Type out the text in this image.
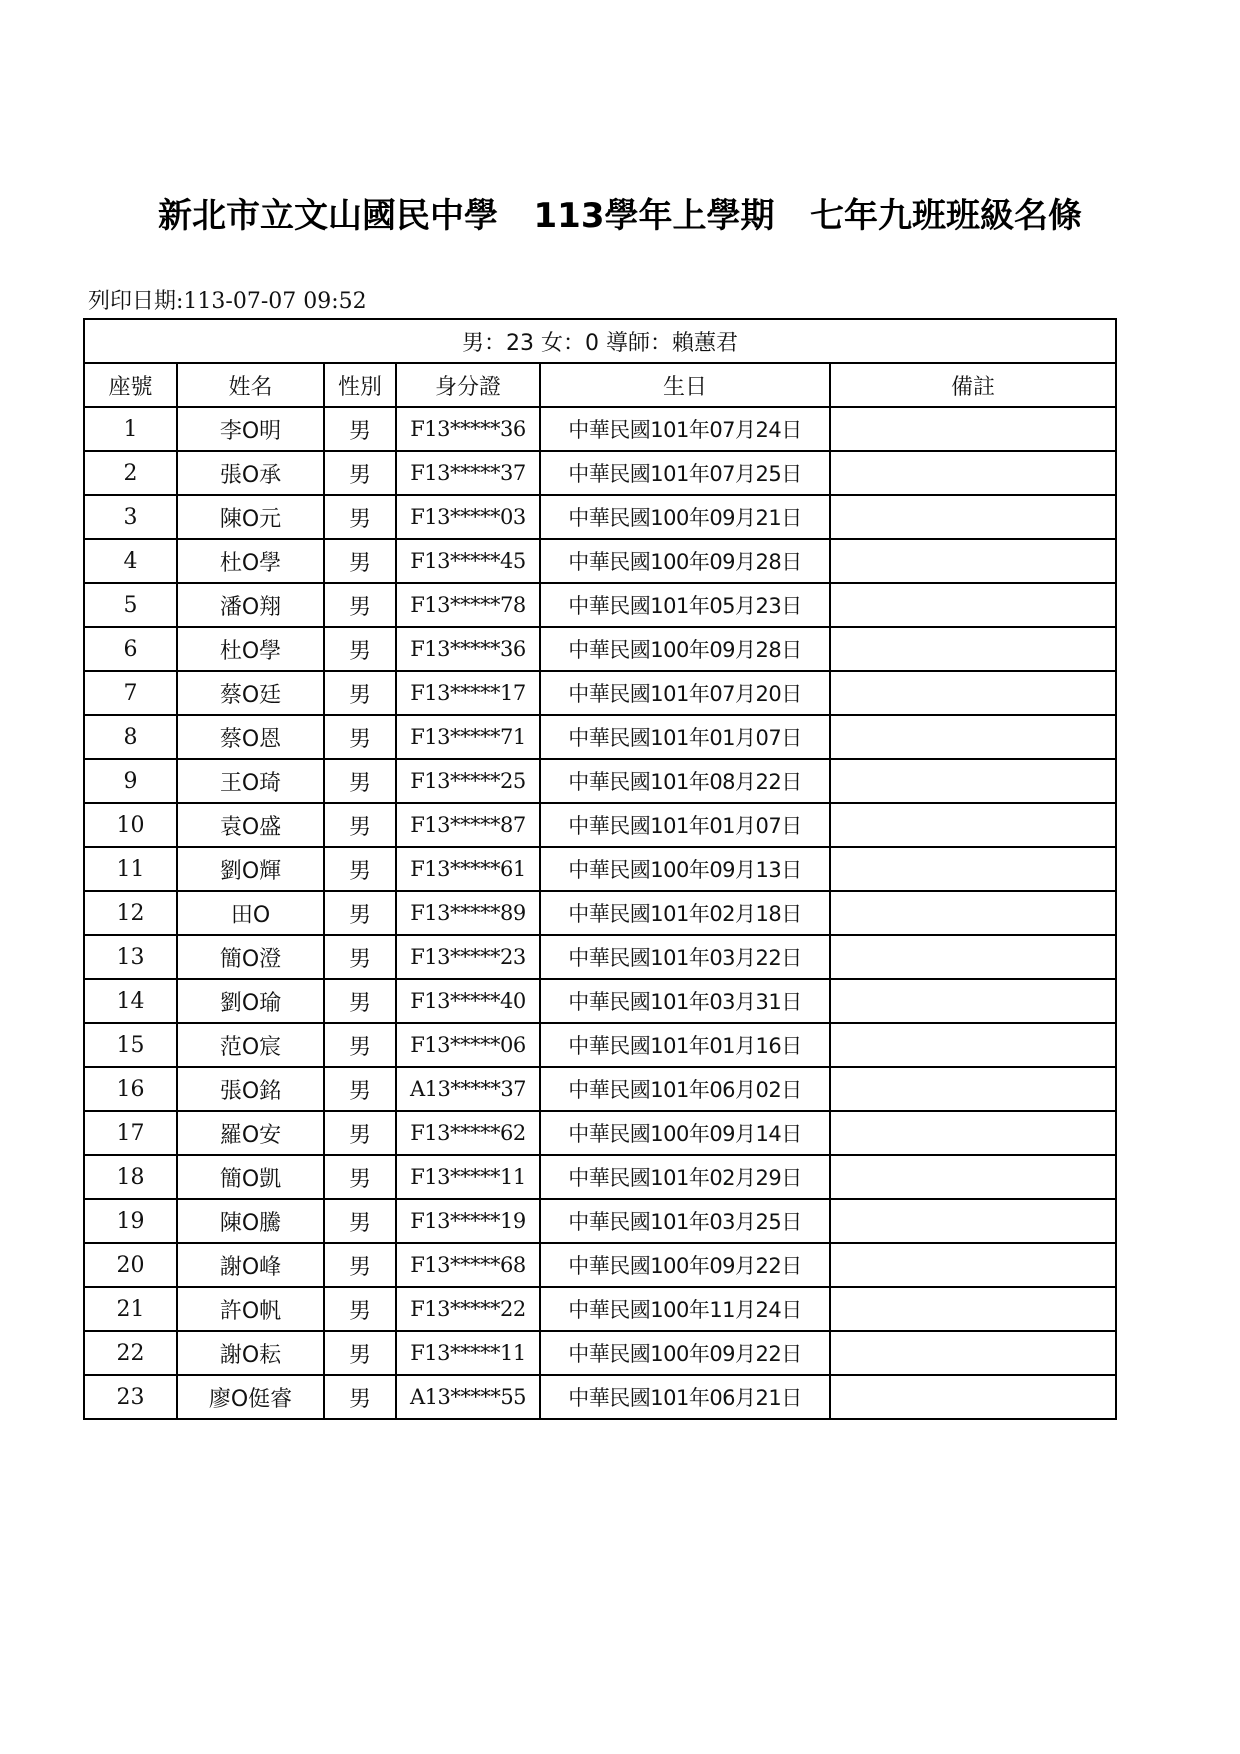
新北市立文山國民中學 113學年上學期 七年九班班級名條
列印日期:113-07-07 09:52
男：23 女：0 導師：賴蕙君					
座號	姓名	性別	身分證	生日	備註
1	李O明	男	F13*****36	中華民國101年07月24日	
2	張O承	男	F13*****37	中華民國101年07月25日	
3	陳O元	男	F13*****03	中華民國100年09月21日	
4	杜O學	男	F13*****45	中華民國100年09月28日	
5	潘O翔	男	F13*****78	中華民國101年05月23日	
6	杜O學	男	F13*****36	中華民國100年09月28日	
7	蔡O廷	男	F13*****17	中華民國101年07月20日	
8	蔡O恩	男	F13*****71	中華民國101年01月07日	
9	王O琦	男	F13*****25	中華民國101年08月22日	
10	袁O盛	男	F13*****87	中華民國101年01月07日	
11	劉O輝	男	F13*****61	中華民國100年09月13日	
12	田O	男	F13*****89	中華民國101年02月18日	
13	簡O澄	男	F13*****23	中華民國101年03月22日	
14	劉O瑜	男	F13*****40	中華民國101年03月31日	
15	范O宸	男	F13*****06	中華民國101年01月16日	
16	張O銘	男	A13*****37	中華民國101年06月02日	
17	羅O安	男	F13*****62	中華民國100年09月14日	
18	簡O凱	男	F13*****11	中華民國101年02月29日	
19	陳O騰	男	F13*****19	中華民國101年03月25日	
20	謝O峰	男	F13*****68	中華民國100年09月22日	
21	許O帆	男	F13*****22	中華民國100年11月24日	
22	謝O耘	男	F13*****11	中華民國100年09月22日	
23	廖O侹睿	男	A13*****55	中華民國101年06月21日	
